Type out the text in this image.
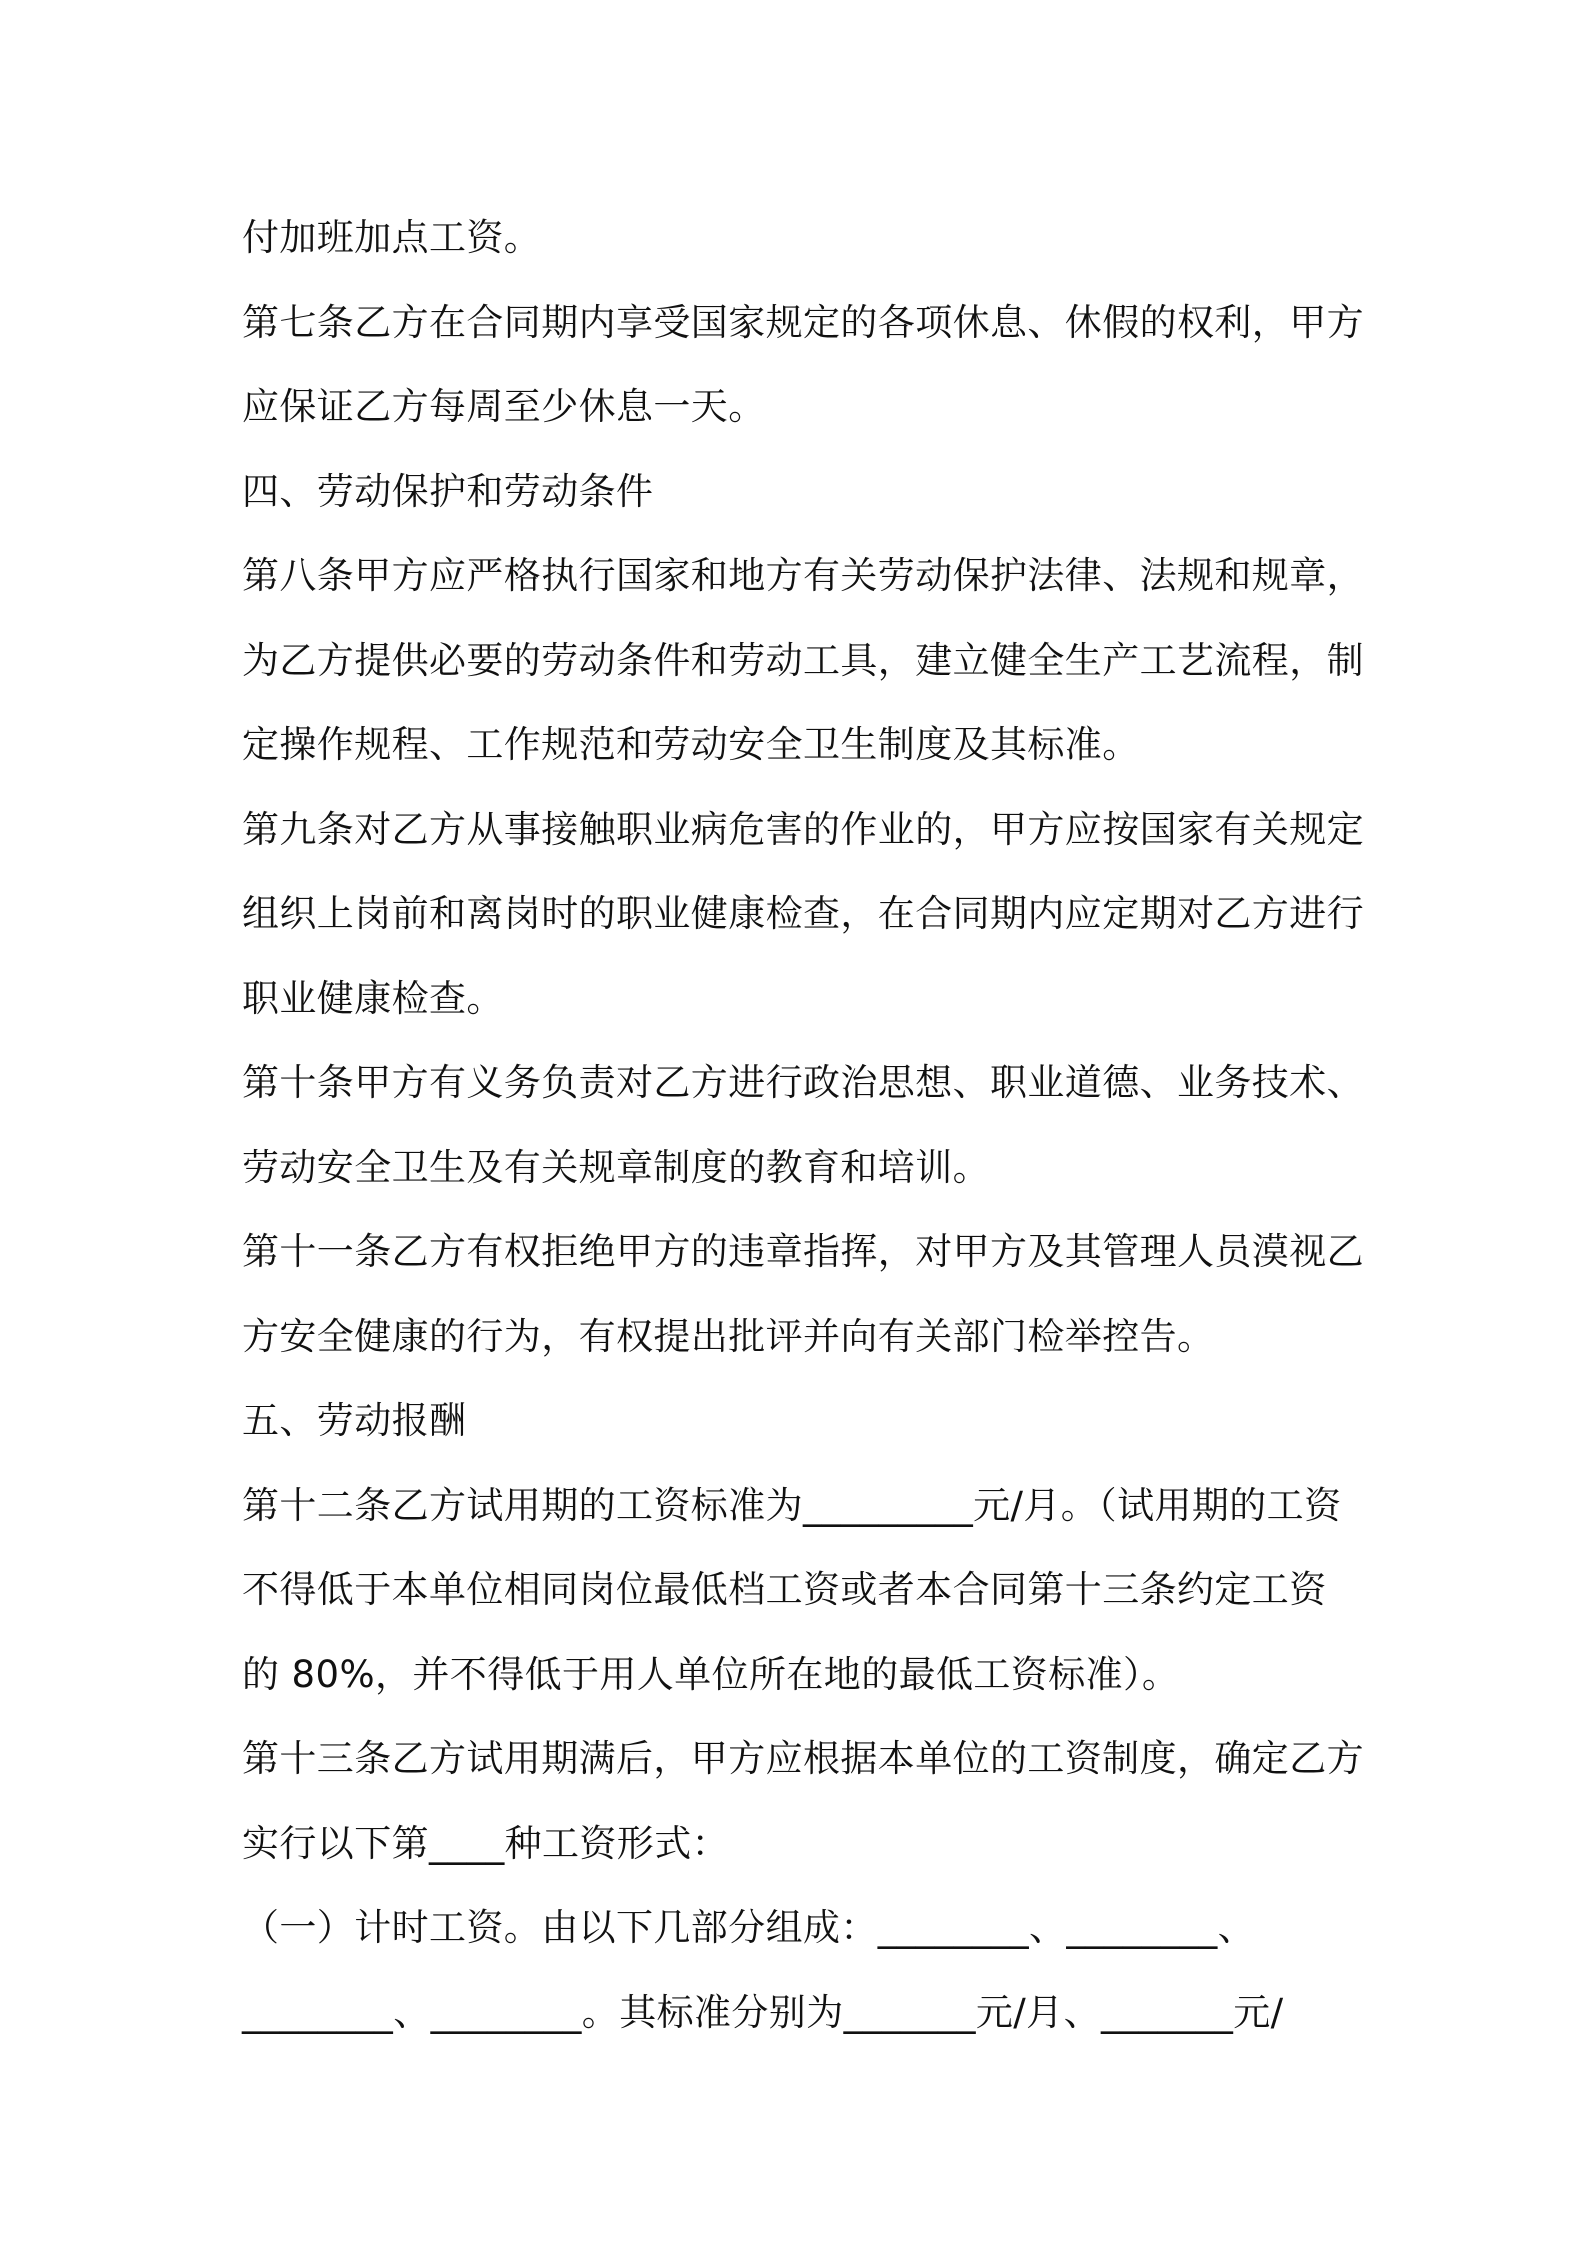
付加班加点工资。
第七条乙方在合同期内享受国家规定的各项休息、休假的权利，甲方
应保证乙方每周至少休息一天。
四、劳动保护和劳动条件
第八条甲方应严格执行国家和地方有关劳动保护法律、法规和规章，
为乙方提供必要的劳动条件和劳动工具，建立健全生产工艺流程，制
定操作规程、工作规范和劳动安全卫生制度及其标准。
第九条对乙方从事接触职业病危害的作业的，甲方应按国家有关规定
组织上岗前和离岗时的职业健康检查，在合同期内应定期对乙方进行
职业健康检查。
第十条甲方有义务负责对乙方进行政治思想、职业道德、业务技术、
劳动安全卫生及有关规章制度的教育和培训。
第十一条乙方有权拒绝甲方的违章指挥，对甲方及其管理人员漠视乙
方安全健康的行为，有权提出批评并向有关部门检举控告。
五、劳动报酬
第十二条乙方试用期的工资标准为_________元/月。（试用期的工资
不得低于本单位相同岗位最低档工资或者本合同第十三条约定工资
的 80%，并不得低于用人单位所在地的最低工资标准）。
第十三条乙方试用期满后，甲方应根据本单位的工资制度，确定乙方
实行以下第____种工资形式：
（一）计时工资。由以下几部分组成：________、________、
________、________。其标准分别为_______元/月、_______元/
